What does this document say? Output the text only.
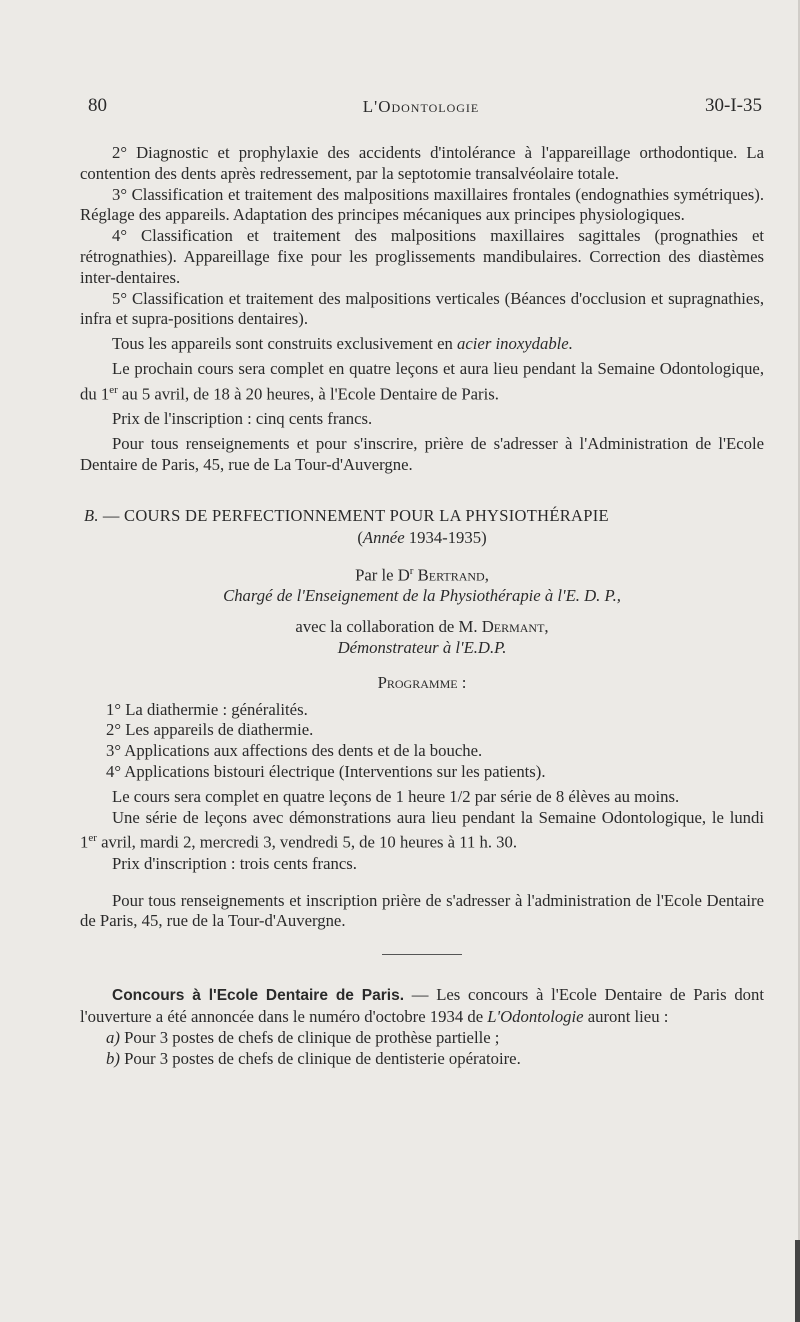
80	L'Odontologie	30-I-35

2° Diagnostic et prophylaxie des accidents d'intolérance à l'appareillage orthodontique. La contention des dents après redressement, par la septotomie transalvéolaire totale.

3° Classification et traitement des malpositions maxillaires frontales (endognathies symétriques). Réglage des appareils. Adaptation des principes mécaniques aux principes physiologiques.

4° Classification et traitement des malpositions maxillaires sagittales (prognathies et rétrognathies). Appareillage fixe pour les proglissements mandibulaires. Correction des diastèmes inter-dentaires.

5° Classification et traitement des malpositions verticales (Béances d'occlusion et supragnathies, infra et supra-positions dentaires).

Tous les appareils sont construits exclusivement en acier inoxydable.

Le prochain cours sera complet en quatre leçons et aura lieu pendant la Semaine Odontologique, du 1er au 5 avril, de 18 à 20 heures, à l'Ecole Dentaire de Paris.

Prix de l'inscription : cinq cents francs.

Pour tous renseignements et pour s'inscrire, prière de s'adresser à l'Administration de l'Ecole Dentaire de Paris, 45, rue de La Tour-d'Auvergne.

B. — COURS DE PERFECTIONNEMENT POUR LA PHYSIOTHÉRAPIE

(Année 1934-1935)

Par le $D^r$ Bertrand,

Chargé de l'Enseignement de la Physiothérapie à l'E. D. P.,

avec la collaboration de M. Dermant,

Démonstrateur à l'E.D.P.

Programme :

1° La diathermie : généralités.

2° Les appareils de diathermie.

3° Applications aux affections des dents et de la bouche.

4° Applications bistouri électrique (Interventions sur les patients).

Le cours sera complet en quatre leçons de 1 heure 1/2 par série de 8 élèves au moins.

Une série de leçons avec démonstrations aura lieu pendant la Semaine Odontologique, le lundi 1er avril, mardi 2, mercredi 3, vendredi 5, de 10 heures à 11 h. 30.

Prix d'inscription : trois cents francs.

Pour tous renseignements et inscription prière de s'adresser à l'administration de l'Ecole Dentaire de Paris, 45, rue de la Tour-d'Auvergne.

Concours à l'Ecole Dentaire de Paris. — Les concours à l'Ecole Dentaire de Paris dont l'ouverture a été annoncée dans le numéro d'octobre 1934 de L'Odontologie auront lieu :

a) Pour 3 postes de chefs de clinique de prothèse partielle ;

b) Pour 3 postes de chefs de clinique de dentisterie opératoire.
